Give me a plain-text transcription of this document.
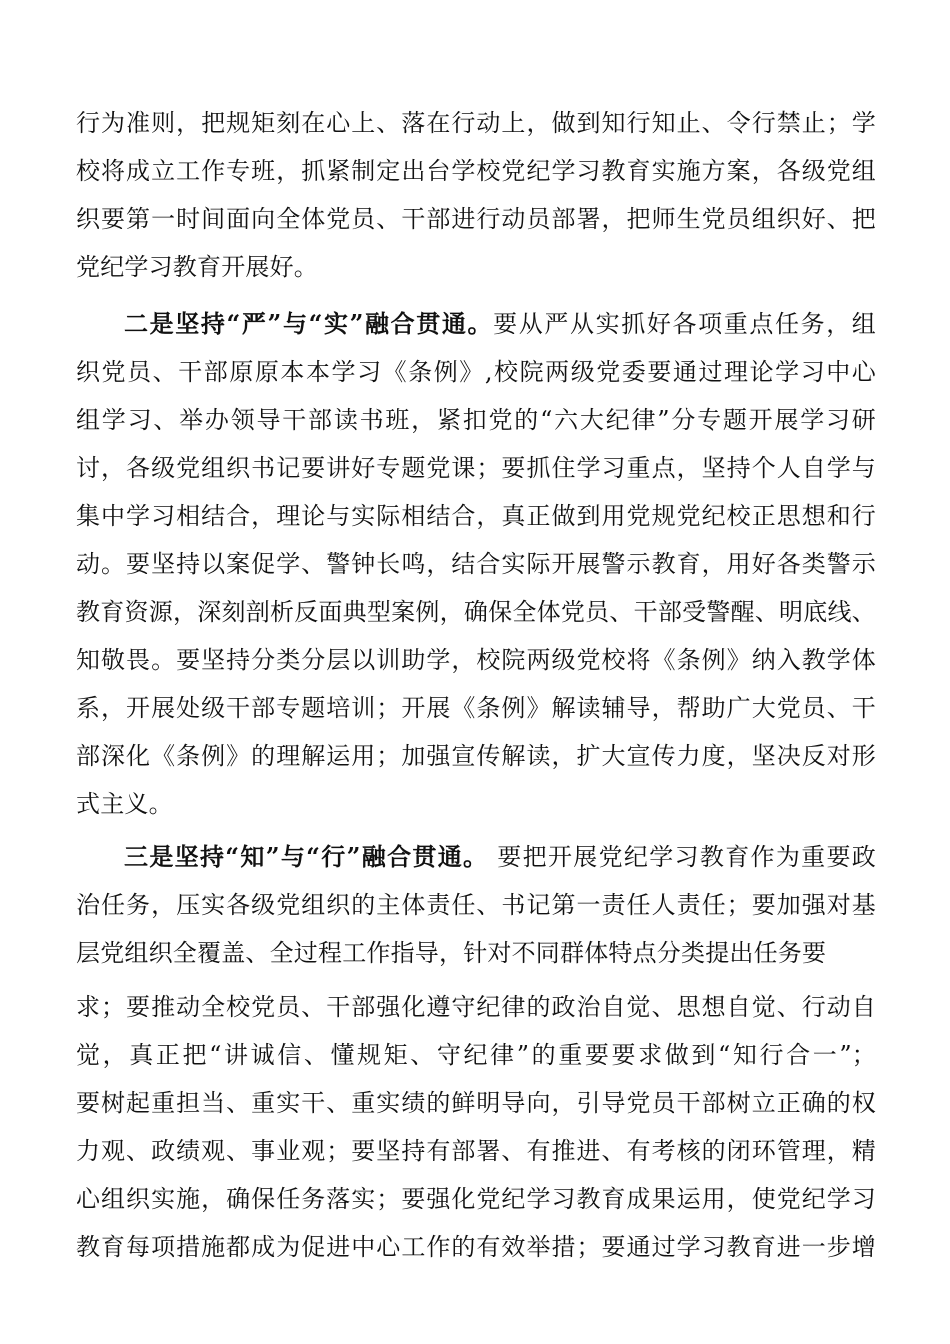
行为准则，把规矩刻在心上、落在行动上，做到知行知止、令行禁止；学
校将成立工作专班，抓紧制定出台学校党纪学习教育实施方案，各级党组
织要第一时间面向全体党员、干部进行动员部署，把师生党员组织好、把
党纪学习教育开展好。
二是坚持“严”与“实”融合贯通。要从严从实抓好各项重点任务，组
织党员、干部原原本本学习《条例》,校院两级党委要通过理论学习中心
组学习、举办领导干部读书班，紧扣党的“六大纪律”分专题开展学习研
讨，各级党组织书记要讲好专题党课；要抓住学习重点，坚持个人自学与
集中学习相结合，理论与实际相结合，真正做到用党规党纪校正思想和行
动。要坚持以案促学、警钟长鸣，结合实际开展警示教育，用好各类警示
教育资源，深刻剖析反面典型案例，确保全体党员、干部受警醒、明底线、
知敬畏。要坚持分类分层以训助学，校院两级党校将《条例》纳入教学体
系，开展处级干部专题培训；开展《条例》解读辅导，帮助广大党员、干
部深化《条例》的理解运用；加强宣传解读，扩大宣传力度，坚决反对形
式主义。
三是坚持“知”与“行”融合贯通。 要把开展党纪学习教育作为重要政
治任务，压实各级党组织的主体责任、书记第一责任人责任；要加强对基
层党组织全覆盖、全过程工作指导，针对不同群体特点分类提出任务要
求；要推动全校党员、干部强化遵守纪律的政治自觉、思想自觉、行动自
觉，真正把“讲诚信、懂规矩、守纪律”的重要要求做到“知行合一”；
要树起重担当、重实干、重实绩的鲜明导向，引导党员干部树立正确的权
力观、政绩观、事业观；要坚持有部署、有推进、有考核的闭环管理，精
心组织实施，确保任务落实；要强化党纪学习教育成果运用，使党纪学习
教育每项措施都成为促进中心工作的有效举措；要通过学习教育进一步增
